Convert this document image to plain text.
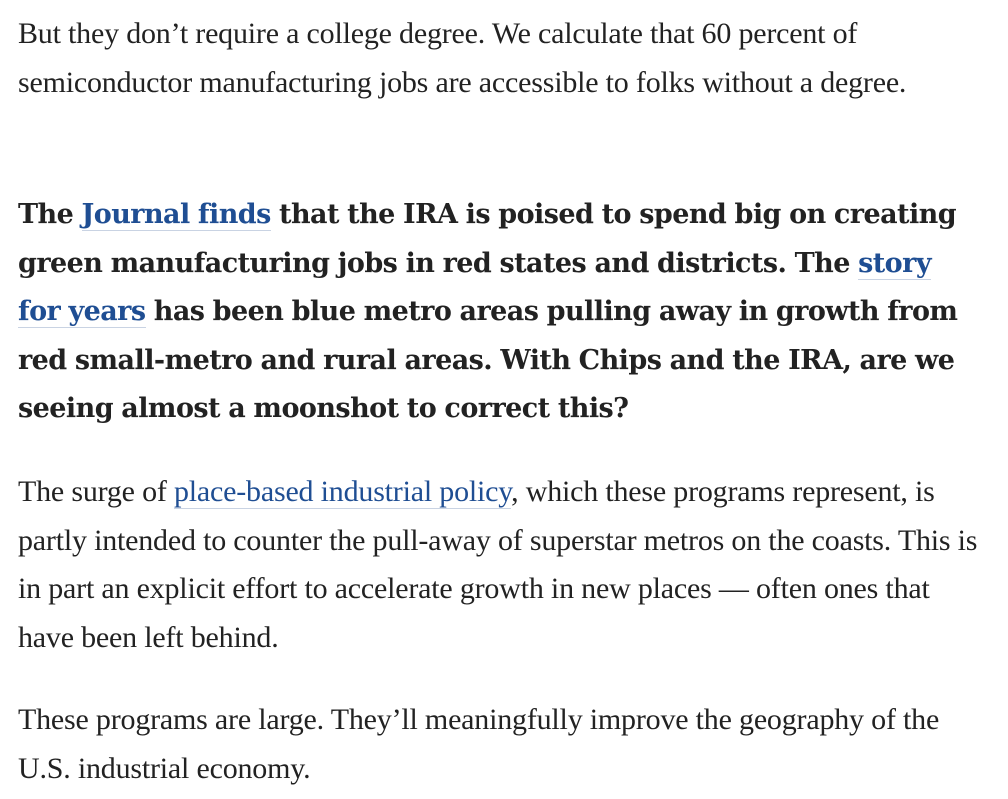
But they don’t require a college degree. We calculate that 60 percent of semiconductor manufacturing jobs are accessible to folks without a degree.

The Journal finds that the IRA is poised to spend big on creating green manufacturing jobs in red states and districts. The story for years has been blue metro areas pulling away in growth from red small-metro and rural areas. With Chips and the IRA, are we seeing almost a moonshot to correct this?

The surge of place-based industrial policy, which these programs represent, is partly intended to counter the pull-away of superstar metros on the coasts. This is in part an explicit effort to accelerate growth in new places — often ones that have been left behind.

These programs are large. They’ll meaningfully improve the geography of the U.S. industrial economy.
